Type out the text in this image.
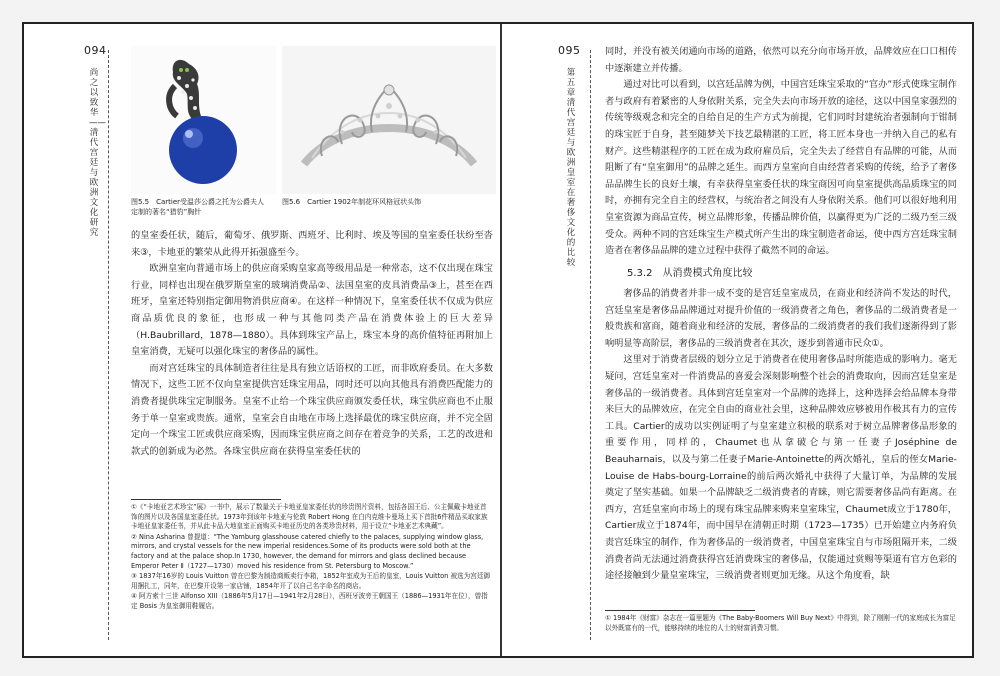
094
尚之以致华——清代宫廷与欧洲文化研究
图5.5　Cartier受温莎公爵之托为公爵夫人定制的著名“猎豹”胸针
图5.6　Cartier 1902年制花环风格冠状头饰

的皇室委任状，随后，葡萄牙、俄罗斯、西班牙、比利时、埃及等国的皇室委任状纷至沓来③，卡地亚的繁荣从此得开拓强盛至今。

欧洲皇室向普通市场上的供应商采购皇家高等级用品是一种常态，这不仅出现在珠宝行业，同样也出现在俄罗斯皇室的玻璃消费品②、法国皇室的皮具消费品③上，甚至在西班牙，皇室还特别指定御用物消供应商④。在这样一种情况下，皇室委任状不仅成为供应商品质优良的象征，也形成一种与其他同类产品在消费体验上的巨大差异（H.Baubrillard，1878—1880）。具体到珠宝产品上，珠宝本身的高价值特征再附加上皇室消费，无疑可以强化珠宝的奢侈品的属性。

而对宫廷珠宝的具体制造者往往是具有独立话语权的工匠，而非欧府委员。在大多数情况下，这些工匠不仅向皇室提供宫廷珠宝用品，同时还可以向其他具有消费匹配能力的消费者提供珠宝定制服务。皇室不止给一个珠宝供应商颁发委任状，珠宝供应商也不止服务于单一皇室或贵族。通常，皇室会自由地在市场上选择最优的珠宝供应商，并不完全固定向一个珠宝工匠或供应商采购，因而珠宝供应商之间存在着竞争的关系，工艺的改进和款式的创新成为必然。各珠宝供应商在获得皇室委任状的

①《“卡地亚艺术珍宝”展》一书中，展示了数量关于卡地亚皇家委任状的珍贵图片资料，包括各国王后、公主佩戴卡地亚首饰的图片以及各国皇室委任状。1973年到该年卡地亚与伦敦 Robert Hong 在白内克维卡曼场上买下首批6件精品买取家族卡地亚皇家委任书，并从此卡品大地皇室正面购买卡地亚历史的各类珍贵材料，用于设立“卡地亚艺术典藏”。

② Nina Asharina 曾提道：“The Yamburg glasshouse catered chiefly to the palaces, supplying window glass, mirrors, and crystal vessels for the new imperial residences.Some of its products were sold both at the factory and at the palace shop.In 1730, however, the demand for mirrors and glass declined because Emperor Peter Ⅱ（1727—1730）moved his residence from St. Petersburg to Moscow.”

③ 1837年16岁的 Louis Vuitton 曾在巴黎为制造商贩卖行李箱，1852年室成为王后的皇室，Louis Vuitton 被选为宫廷御用捆扎工，同年，在巴黎开设第一家店铺，1854年开了以自己名字命名的商店。

④ 阿方索十三世 Alfonso XIII（1886年5月17日—1941年2月28日），西班牙波旁王朝国王（1886—1931年在位），曾指定 Bosis 为皇室御用鞋履店。

095
第五章　清代宫廷与欧洲皇室在奢侈文化的比较

同时，并没有被关闭通向市场的道路，依然可以充分向市场开放，品牌效应在口口相传中逐渐建立并传播。

通过对比可以看到，以宫廷品牌为例，中国宫廷珠宝采取的“官办”形式使珠宝制作者与政府有着紧密的人身依附关系，完全失去向市场开放的途径，这以中国皇家强烈的传统等级观念和完全的自给自足的生产方式为前提，它们同时封建统治者强制向于钳制的珠宝匠于自身，甚至随梦关下技艺最精湛的工匠，将工匠本身也一并纳入自己的私有财产。这些精湛程序的工匠在成为政府雇员后，完全失去了经营自有品牌的可能，从而阻断了有“皇室御用”的品牌之延生。而西方皇室向自由经营者采购的传统，给予了奢侈品品牌生长的良好土壤，有幸获得皇室委任状的珠宝商因可向皇室提供高品质珠宝的同时，亦拥有完全自主的经营权，与统治者之间没有人身依附关系。他们可以很好地利用皇室资源为商品宣传，树立品牌形象，传播品牌价值，以赢得更为广泛的二级乃至三级受众。两种不同的宫廷珠宝生产模式所产生出的珠宝制造者命运，使中西方宫廷珠宝制造者在奢侈品品牌的建立过程中获得了截然不同的命运。

5.3.2　从消费模式角度比较

奢侈品的消费者并非一成不变的是宫廷皇室成员，在商业和经济尚不发达的时代，宫廷皇室是奢侈品品牌通过对提升价值的一级消费者之角色，奢侈品的二级消费者是一般贵族和富商，随着商业和经济的发展，奢侈品的二级消费者的我们我们逐渐得到了影响明显等高阶层，奢侈品的三级消费者在其次，逐步到普通市民众①。

这里对于消费者层级的划分立足于消费者在使用奢侈品时所能造成的影响力。毫无疑问，宫廷皇室对一件消费品的喜爱会深刻影响整个社会的消费取向，因而宫廷皇室是奢侈品的一级消费者。具体到宫廷皇室对一个品牌的选择上，这种选择会给品牌本身带来巨大的品牌效应，在完全自由的商业社会里，这种品牌效应够被用作极其有力的宣传工具。Cartier的成功以实例证明了与皇室建立积极的联系对于树立品牌奢侈品形象的重要作用，同样的，Chaumet也从拿破仑与第一任妻子Joséphine de Beauharnais，以及与第二任妻子Marie-Antoinette的两次婚礼，皇后的侄女Marie-Louise de Habs-bourg-Lorraine的前后两次婚礼中获得了大量订单，为品牌的发展奠定了坚实基础。如果一个品牌缺乏二级消费者的青睐，则它需要奢侈品尚有距离。在西方，宫廷皇室向市场上的现有珠宝品牌来购来皇室珠宝，Chaumet成立于1780年，Cartier成立于1874年，而中国早在清朝正时期（1723—1735）已开始建立内务府负责宫廷珠宝的制作，作为奢侈品的一级消费者，中国皇室珠宝自与市场阻隔开来，二级消费者尚无法通过消费获得宫廷消费珠宝的奢侈品，仅能通过赏赐等渠道有官方色彩的途径接触到少量皇室珠宝，三级消费者则更加无缘。从这个角度看，缺

① 1984年《财富》杂志在一篇里题为《The Baby-Boomers Will Buy Next》中得到，除了刚刚一代的家庭成长为富足以外既富有的一代，能够持续的地位的人士的财富消费习惯。
